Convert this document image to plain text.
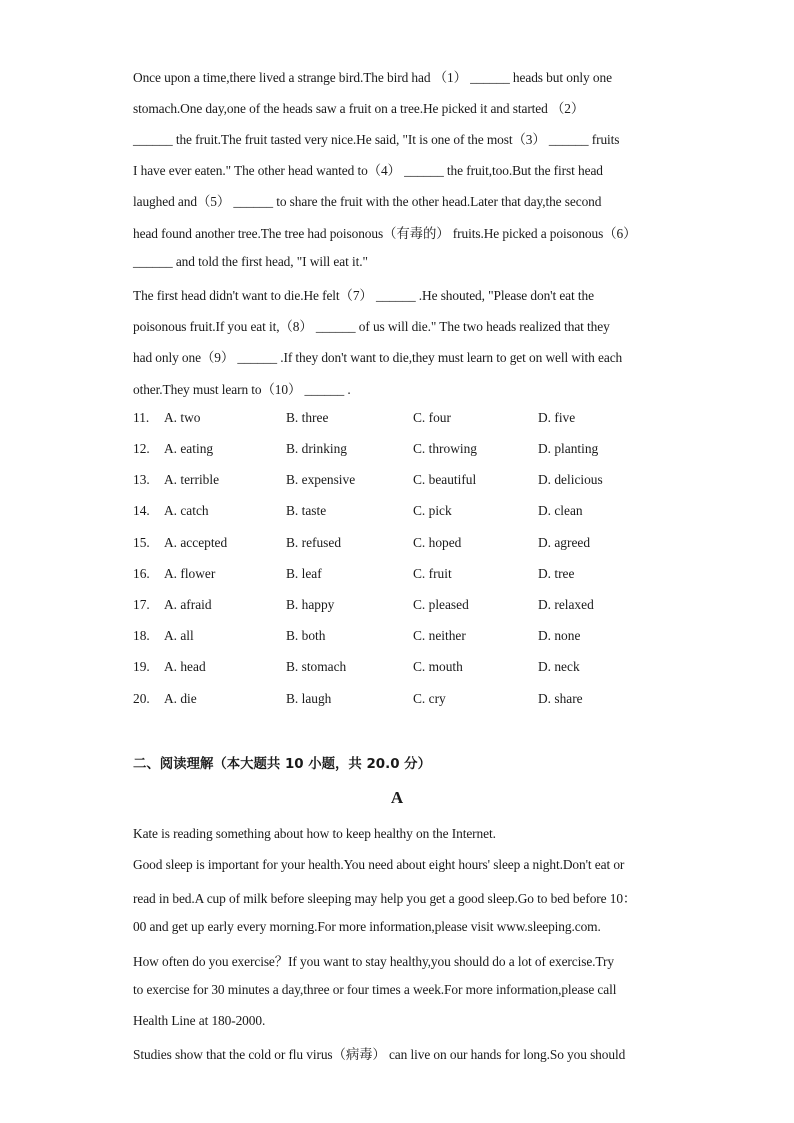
Once upon a time,there lived a strange bird.The bird had （1） ______ heads but only one
stomach.One day,one of the heads saw a fruit on a tree.He picked it and started （2）
______ the fruit.The fruit tasted very nice.He said, "It is one of the most（3） ______ fruits
I have ever eaten." The other head wanted to（4） ______ the fruit,too.But the first head
laughed and（5） ______ to share the fruit with the other head.Later that day,the second
head found another tree.The tree had poisonous（有毒的） fruits.He picked a poisonous（6）
______ and told the first head, "I will eat it."
The first head didn't want to die.He felt（7） ______ .He shouted, "Please don't eat the
poisonous fruit.If you eat it,（8） ______ of us will die." The two heads realized that they
had only one（9） ______ .If they don't want to die,they must learn to get on well with each
other.They must learn to（10） ______ .
11. A. two	B. three	C. four	D. five
12. A. eating	B. drinking	C. throwing	D. planting
13. A. terrible	B. expensive	C. beautiful	D. delicious
14. A. catch	B. taste	C. pick	D. clean
15. A. accepted	B. refused	C. hoped	D. agreed
16. A. flower	B. leaf	C. fruit	D. tree
17. A. afraid	B. happy	C. pleased	D. relaxed
18. A. all	B. both	C. neither	D. none
19. A. head	B. stomach	C. mouth	D. neck
20. A. die	B. laugh	C. cry	D. share
二、阅读理解（本大题共 10 小题，共 20.0 分）
A
Kate is reading something about how to keep healthy on the Internet.
Good sleep is important for your health.You need about eight hours' sleep a night.Don't eat or
read in bed.A cup of milk before sleeping may help you get a good sleep.Go to bed before 10：
00 and get up early every morning.For more information,please visit www.sleeping.com.
How often do you exercise？If you want to stay healthy,you should do a lot of exercise.Try
to exercise for 30 minutes a day,three or four times a week.For more information,please call
Health Line at 180-2000.
Studies show that the cold or flu virus（病毒） can live on our hands for long.So you should
